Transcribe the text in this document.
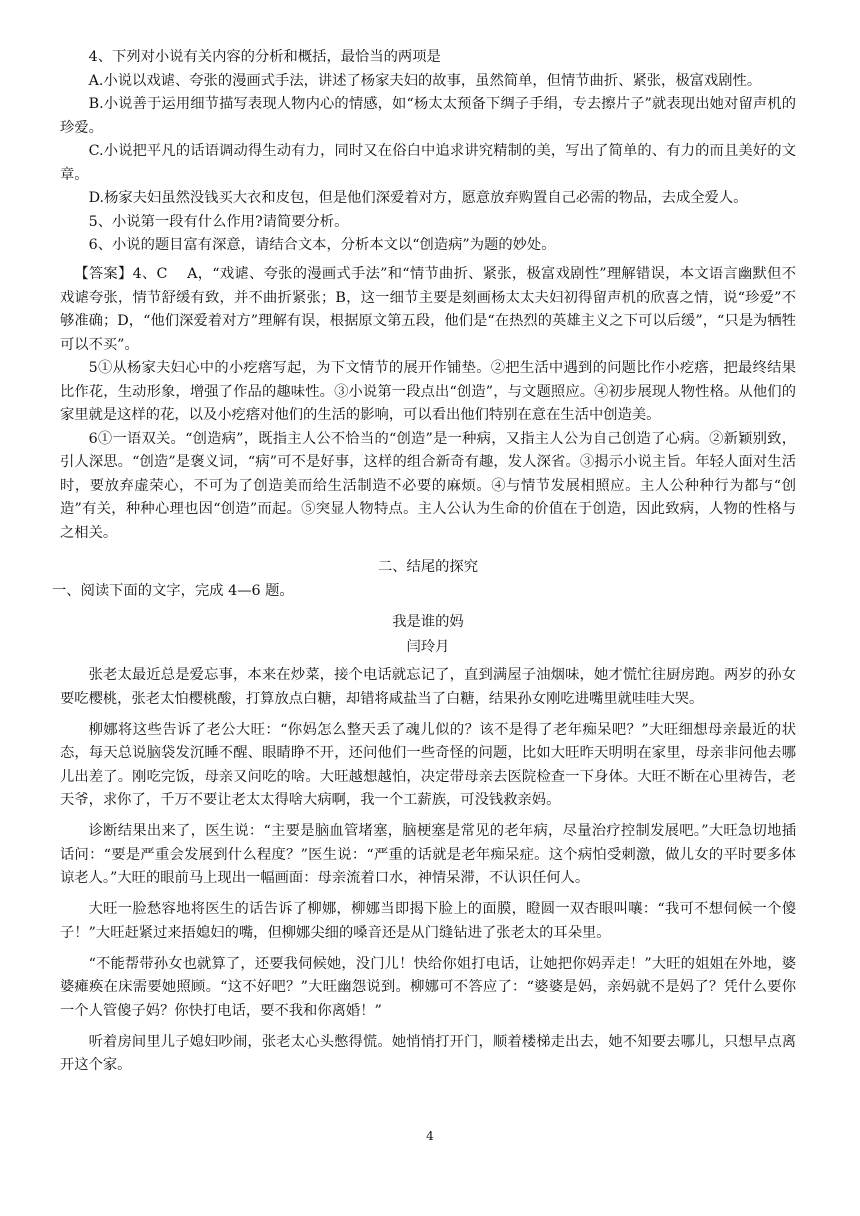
4、下列对小说有关内容的分析和概括，最恰当的两项是

A.小说以戏谑、夸张的漫画式手法，讲述了杨家夫妇的故事，虽然简单，但情节曲折、紧张，极富戏剧性。

B.小说善于运用细节描写表现人物内心的情感，如“杨太太预备下绸子手绢，专去擦片子”就表现出她对留声机的珍爱。

C.小说把平凡的话语调动得生动有力，同时又在俗白中追求讲究精制的美，写出了简单的、有力的而且美好的文章。

D.杨家夫妇虽然没钱买大衣和皮包，但是他们深爱着对方，愿意放弃购置自己必需的物品，去成全爱人。

5、小说第一段有什么作用?请简要分析。

6、小说的题目富有深意，请结合文本，分析本文以“创造病”为题的妙处。

【答案】4、C　 A，“戏谑、夸张的漫画式手法”和“情节曲折、紧张，极富戏剧性”理解错误，本文语言幽默但不戏谑夸张，情节舒缓有致，并不曲折紧张；B，这一细节主要是刻画杨太太夫妇初得留声机的欣喜之情，说“珍爱”不够准确；D，“他们深爱着对方”理解有误，根据原文第五段，他们是“在热烈的英雄主义之下可以后缓”，“只是为牺牲可以不买”。

5①从杨家夫妇心中的小疙瘩写起，为下文情节的展开作铺垫。②把生活中遇到的问题比作小疙瘩，把最终结果比作花，生动形象，增强了作品的趣味性。③小说第一段点出“创造”，与文题照应。④初步展现人物性格。从他们的家里就是这样的花，以及小疙瘩对他们的生活的影响，可以看出他们特别在意在生活中创造美。

6①一语双关。“创造病”，既指主人公不恰当的“创造”是一种病，又指主人公为自己创造了心病。②新颖别致，引人深思。“创造”是褒义词，“病”可不是好事，这样的组合新奇有趣，发人深省。③揭示小说主旨。年轻人面对生活时，要放弃虚荣心，不可为了创造美而给生活制造不必要的麻烦。④与情节发展相照应。主人公种种行为都与“创造”有关，种种心理也因“创造”而起。⑤突显人物特点。主人公认为生命的价值在于创造，因此致病，人物的性格与之相关。

二、结尾的探究

一、阅读下面的文字，完成 4—6 题。

我是谁的妈
闫玲月

张老太最近总是爱忘事，本来在炒菜，接个电话就忘记了，直到满屋子油烟味，她才慌忙往厨房跑。两岁的孙女要吃樱桃，张老太怕樱桃酸，打算放点白糖，却错将咸盐当了白糖，结果孙女刚吃进嘴里就哇哇大哭。

柳娜将这些告诉了老公大旺：“你妈怎么整天丢了魂儿似的？该不是得了老年痴呆吧？”大旺细想母亲最近的状态，每天总说脑袋发沉睡不醒、眼睛睁不开，还问他们一些奇怪的问题，比如大旺昨天明明在家里，母亲非问他去哪儿出差了。刚吃完饭，母亲又问吃的啥。大旺越想越怕，决定带母亲去医院检查一下身体。大旺不断在心里祷告，老天爷，求你了，千万不要让老太太得啥大病啊，我一个工薪族，可没钱救亲妈。

诊断结果出来了，医生说：“主要是脑血管堵塞，脑梗塞是常见的老年病，尽量治疗控制发展吧。”大旺急切地插话问：“要是严重会发展到什么程度？”医生说：“严重的话就是老年痴呆症。这个病怕受刺激，做儿女的平时要多体谅老人。”大旺的眼前马上现出一幅画面：母亲流着口水，神情呆滞，不认识任何人。

大旺一脸愁容地将医生的话告诉了柳娜，柳娜当即揭下脸上的面膜，瞪圆一双杏眼叫嚷：“我可不想伺候一个傻子！”大旺赶紧过来捂媳妇的嘴，但柳娜尖细的嗓音还是从门缝钻进了张老太的耳朵里。

“不能帮带孙女也就算了，还要我伺候她，没门儿！快给你姐打电话，让她把你妈弄走！”大旺的姐姐在外地，婆婆瘫痪在床需要她照顾。“这不好吧？”大旺幽怨说到。柳娜可不答应了：“婆婆是妈，亲妈就不是妈了？凭什么要你一个人管傻子妈？你快打电话，要不我和你离婚！”

听着房间里儿子媳妇吵闹，张老太心头憋得慌。她悄悄打开门，顺着楼梯走出去，她不知要去哪儿，只想早点离开这个家。

4
